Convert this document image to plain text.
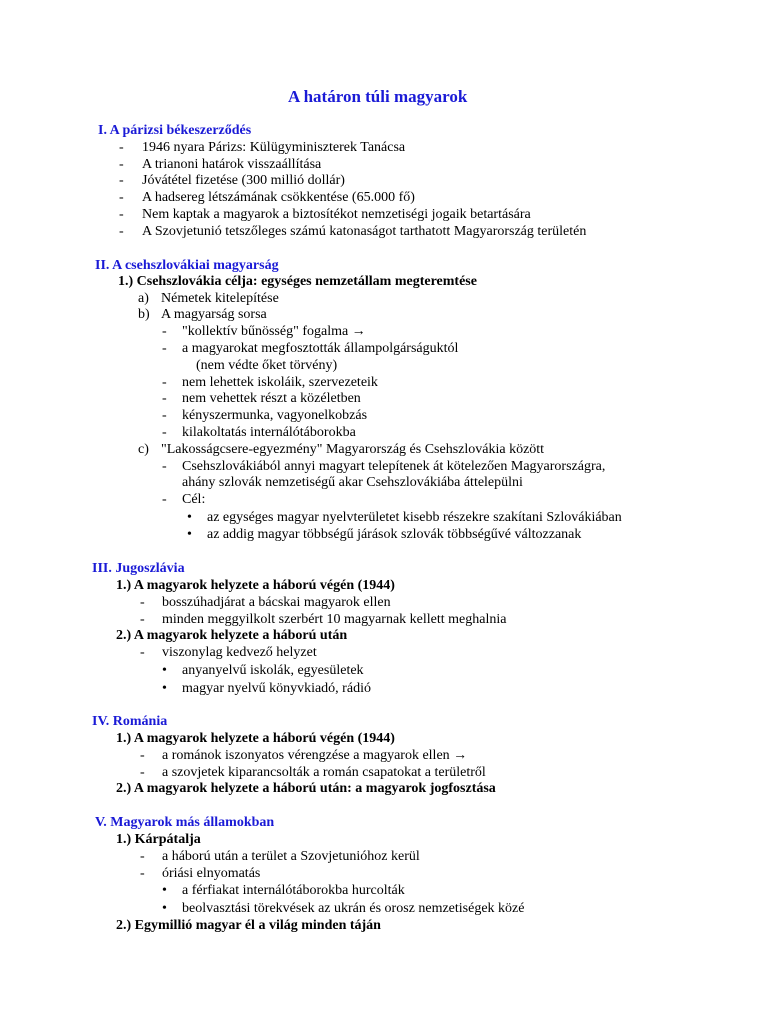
A határon túli magyarok
I. A párizsi békeszerződés
- 1946 nyara Párizs: Külügyminiszterek Tanácsa
- A trianoni határok visszaállítása
- Jóvátétel fizetése (300 millió dollár)
- A hadsereg létszámának csökkentése (65.000 fő)
- Nem kaptak a magyarok a biztosítékot nemzetiségi jogaik betartására
- A Szovjetunió tetszőleges számú katonaságot tarthatott Magyarország területén
II. A csehszlovákiai magyarság
1.) Csehszlovákia célja: egységes nemzetállam megteremtése
a) Németek kitelepítése
b) A magyarság sorsa
- "kollektív bűnösség" fogalma →
- a magyarokat megfosztották állampolgárságuktól
(nem védte őket törvény)
- nem lehettek iskoláik, szervezeteik
- nem vehettek részt a közéletben
- kényszermunka, vagyonelkobzás
- kilakoltatás internálótáborokba
c) "Lakosságcsere-egyezmény" Magyarország és Csehszlovákia között
- Csehszlovákiából annyi magyart telepítenek át kötelezően Magyarországra,
ahány szlovák nemzetiségű akar Csehszlovákiába áttelepülni
- Cél:
• az egységes magyar nyelvterületet kisebb részekre szakítani Szlovákiában
• az addig magyar többségű járások szlovák többségűvé változzanak
III. Jugoszlávia
1.) A magyarok helyzete a háború végén (1944)
- bosszúhadjárat a bácskai magyarok ellen
- minden meggyilkolt szerbért 10 magyarnak kellett meghalnia
2.) A magyarok helyzete a háború után
- viszonylag kedvező helyzet
• anyanyelvű iskolák, egyesületek
• magyar nyelvű könyvkiadó, rádió
IV. Románia
1.) A magyarok helyzete a háború végén (1944)
- a románok iszonyatos vérengzése a magyarok ellen →
- a szovjetek kiparancsolták a román csapatokat a területről
2.) A magyarok helyzete a háború után: a magyarok jogfosztása
V. Magyarok más államokban
1.) Kárpátalja
- a háború után a terület a Szovjetunióhoz kerül
- óriási elnyomatás
• a férfiakat internálótáborokba hurcolták
• beolvasztási törekvések az ukrán és orosz nemzetiségek közé
2.) Egymillió magyar él a világ minden táján
